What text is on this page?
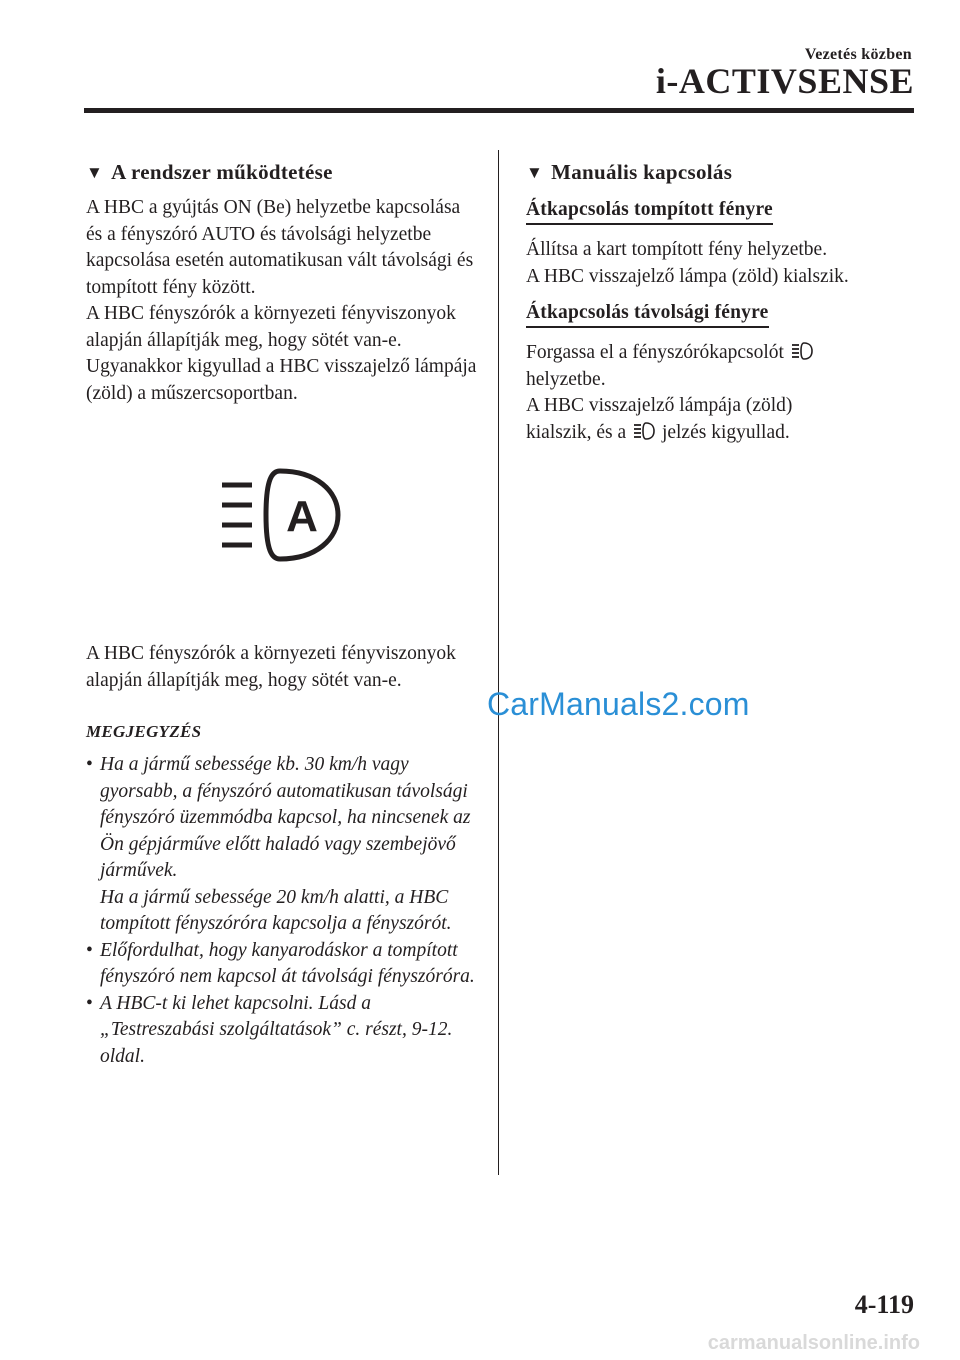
Vezetés közben
i-ACTIVSENSE
▼ A rendszer működtetése

A HBC a gyújtás ON (Be) helyzetbe kapcsolása és a fényszóró AUTO és távolsági helyzetbe kapcsolása esetén automatikusan vált távolsági és tompított fény között.

A HBC fényszórók a környezeti fényviszonyok alapján állapítják meg, hogy sötét van-e. Ugyanakkor kigyullad a HBC visszajelző lámpája (zöld) a műszercsoportban.

A

A HBC fényszórók a környezeti fényviszonyok alapján állapítják meg, hogy sötét van-e.

MEGJEGYZÉS
• Ha a jármű sebessége kb. 30 km/h vagy gyorsabb, a fényszóró automatikusan távolsági fényszóró üzemmódba kapcsol, ha nincsenek az Ön gépjárműve előtt haladó vagy szembejövő járművek.
Ha a jármű sebessége 20 km/h alatti, a HBC tompított fényszóróra kapcsolja a fényszórót.
• Előfordulhat, hogy kanyarodáskor a tompított fényszóró nem kapcsol át távolsági fényszóróra.
• A HBC-t ki lehet kapcsolni. Lásd a „Testreszabási szolgáltatások” c. részt, 9-12. oldal.
▼ Manuális kapcsolás
Átkapcsolás tompított fényre

Állítsa a kart tompított fény helyzetbe.

A HBC visszajelző lámpa (zöld) kialszik.

Átkapcsolás távolsági fényre

Forgassa el a fényszórókapcsolót

helyzetbe.

A HBC visszajelző lámpája (zöld)

kialszik, és a jelzés kigyullad.

CarManuals2.com
4-119
carmanualsonline.info
